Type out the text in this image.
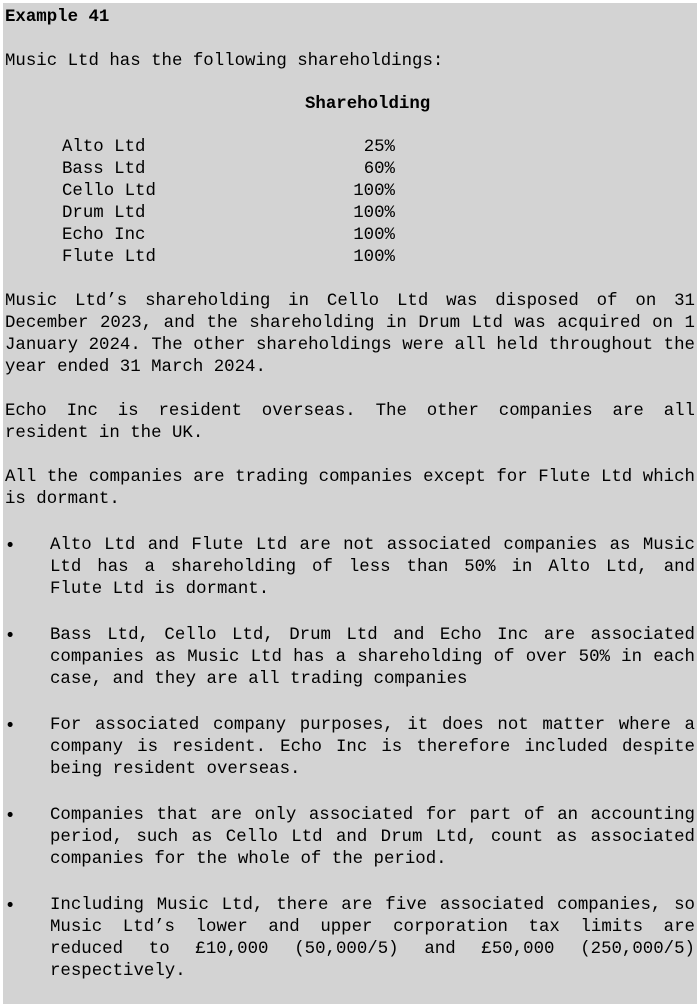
Example 41

Music Ltd has the following shareholdings:

Shareholding
Alto Ltd	25%
Bass Ltd	60%
Cello Ltd	100%
Drum Ltd	100%
Echo Inc	100%
Flute Ltd	100%

Music Ltd’s shareholding in Cello Ltd was disposed of on 31 December 2023, and the shareholding in Drum Ltd was acquired on 1 January 2024. The other shareholdings were all held throughout the year ended 31 March 2024.

Echo Inc is resident overseas. The other companies are all resident in the UK.

All the companies are trading companies except for Flute Ltd which is dormant.

• Alto Ltd and Flute Ltd are not associated companies as Music Ltd has a shareholding of less than 50% in Alto Ltd, and Flute Ltd is dormant.

• Bass Ltd, Cello Ltd, Drum Ltd and Echo Inc are associated companies as Music Ltd has a shareholding of over 50% in each case, and they are all trading companies

• For associated company purposes, it does not matter where a company is resident. Echo Inc is therefore included despite being resident overseas.

• Companies that are only associated for part of an accounting period, such as Cello Ltd and Drum Ltd, count as associated companies for the whole of the period.

• Including Music Ltd, there are five associated companies, so Music Ltd’s lower and upper corporation tax limits are reduced to £10,000 (50,000/5) and £50,000 (250,000/5) respectively.
